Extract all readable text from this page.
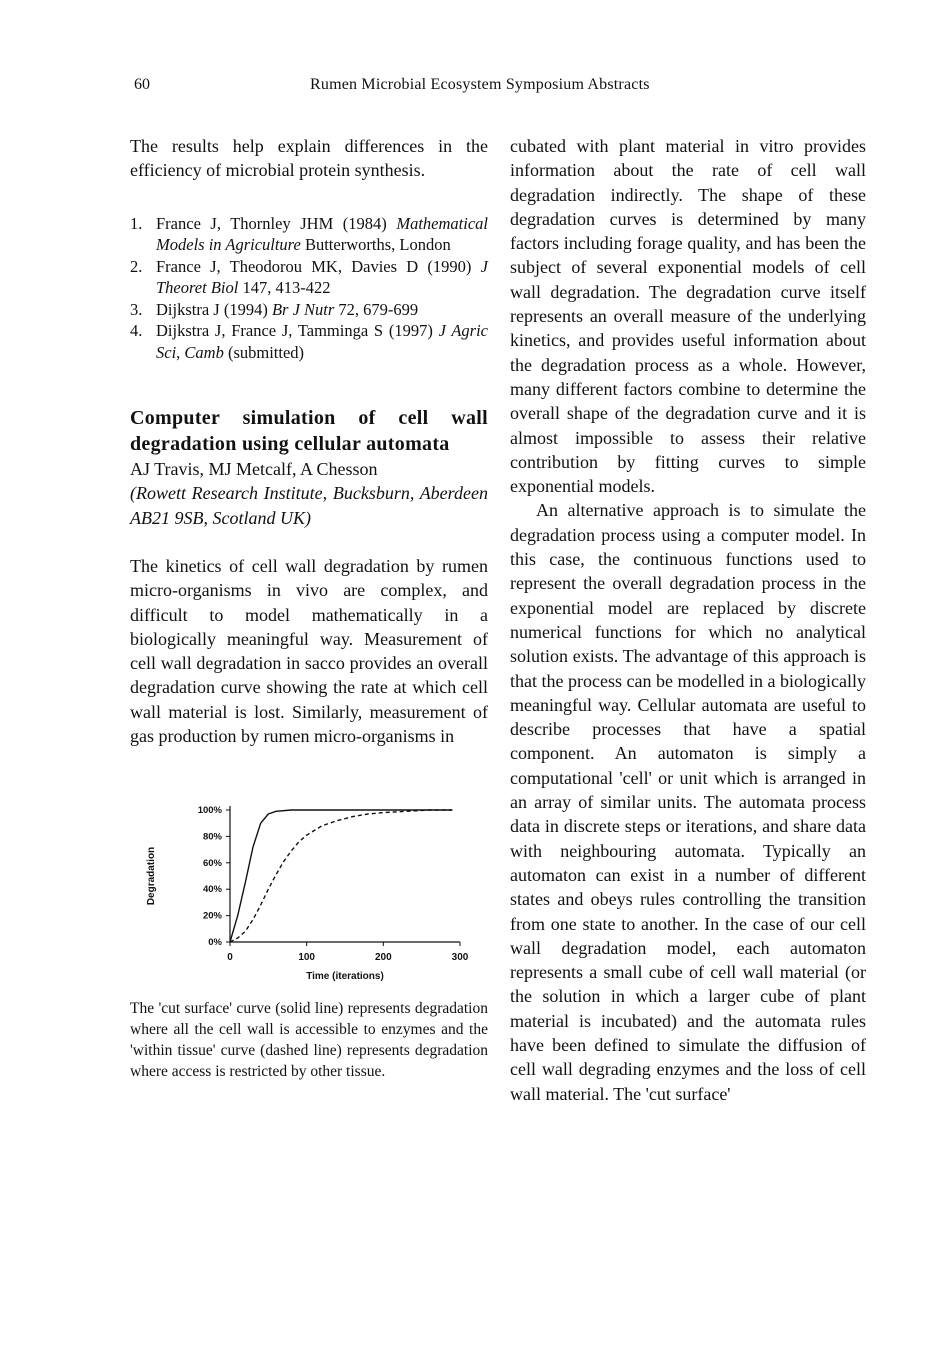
60	Rumen Microbial Ecosystem Symposium Abstracts

The results help explain differences in the efficiency of microbial protein synthesis.

1. France J, Thornley JHM (1984) Mathematical Models in Agriculture Butterworths, London
2. France J, Theodorou MK, Davies D (1990) J Theoret Biol 147, 413-422
3. Dijkstra J (1994) Br J Nutr 72, 679-699
4. Dijkstra J, France J, Tamminga S (1997) J Agric Sci, Camb (submitted)
Computer simulation of cell wall degradation using cellular automata

AJ Travis, MJ Metcalf, A Chesson

(Rowett Research Institute, Bucksburn, Aberdeen AB21 9SB, Scotland UK)

The kinetics of cell wall degradation by rumen micro-organisms in vivo are complex, and difficult to model mathematically in a biologically meaningful way. Measurement of cell wall degradation in sacco provides an overall degradation curve showing the rate at which cell wall material is lost. Similarly, measurement of gas production by rumen micro-organisms in

0%
20%
40%
60%
80%
100%
0	100	200	300
Time (iterations)
Degradation

The 'cut surface' curve (solid line) represents degradation where all the cell wall is accessible to enzymes and the 'within tissue' curve (dashed line) represents degradation where access is restricted by other tissue.

cubated with plant material in vitro provides information about the rate of cell wall degradation indirectly. The shape of these degradation curves is determined by many factors including forage quality, and has been the subject of several exponential models of cell wall degradation. The degradation curve itself represents an overall measure of the underlying kinetics, and provides useful information about the degradation process as a whole. However, many different factors combine to determine the overall shape of the degradation curve and it is almost impossible to assess their relative contribution by fitting curves to simple exponential models.

An alternative approach is to simulate the degradation process using a computer model. In this case, the continuous functions used to represent the overall degradation process in the exponential model are replaced by discrete numerical functions for which no analytical solution exists. The advantage of this approach is that the process can be modelled in a biologically meaningful way. Cellular automata are useful to describe processes that have a spatial component. An automaton is simply a computational 'cell' or unit which is arranged in an array of similar units. The automata process data in discrete steps or iterations, and share data with neighbouring automata. Typically an automaton can exist in a number of different states and obeys rules controlling the transition from one state to another. In the case of our cell wall degradation model, each automaton represents a small cube of cell wall material (or the solution in which a larger cube of plant material is incubated) and the automata rules have been defined to simulate the diffusion of cell wall degrading enzymes and the loss of cell wall material. The 'cut surface'
